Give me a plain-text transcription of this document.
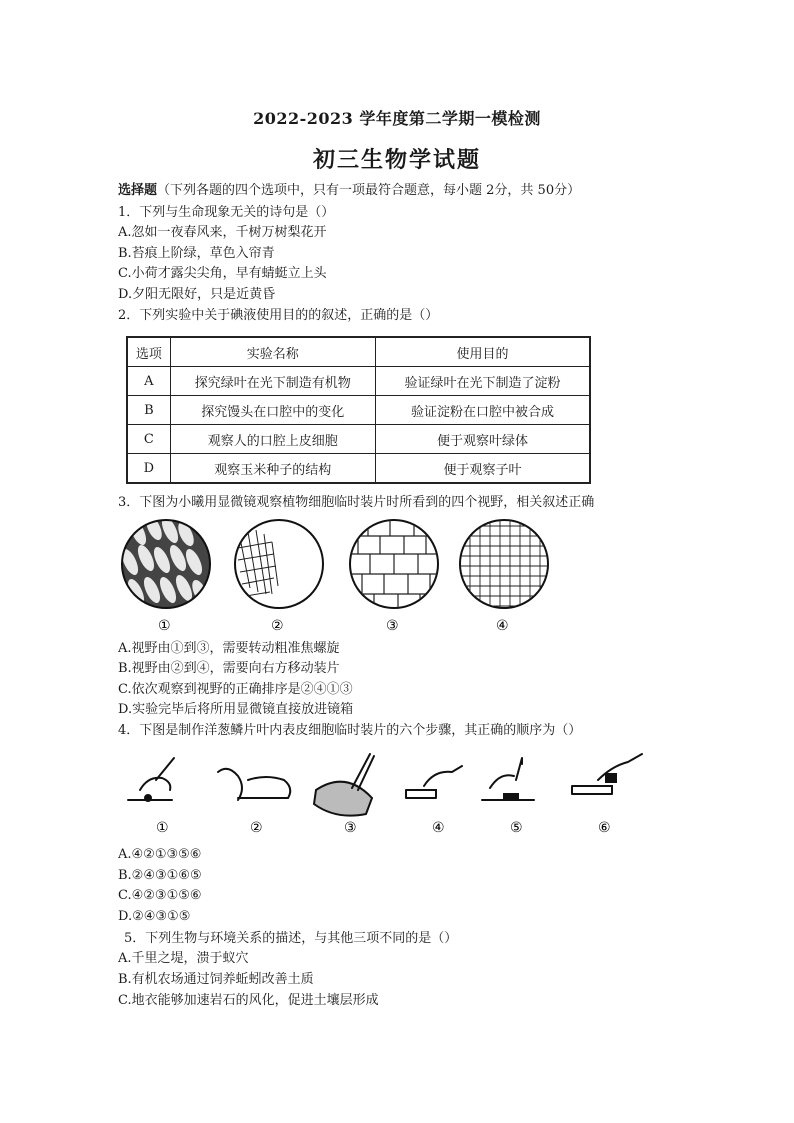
2022-2023 学年度第二学期一模检测
初三生物学试题
选择题（下列各题的四个选项中，只有一项最符合题意，每小题 2分，共 50分）
1．下列与生命现象无关的诗句是（）
A.忽如一夜春风来，千树万树梨花开
B.苔痕上阶绿，草色入帘青
C.小荷才露尖尖角，早有蜻蜓立上头
D.夕阳无限好，只是近黄昏
2．下列实验中关于碘液使用目的的叙述，正确的是（）
选项	实验名称	使用目的
A	探究绿叶在光下制造有机物	验证绿叶在光下制造了淀粉
B	探究馒头在口腔中的变化	验证淀粉在口腔中被合成
C	观察人的口腔上皮细胞	便于观察叶绿体
D	观察玉米种子的结构	便于观察子叶
3．下图为小曦用显微镜观察植物细胞临时装片时所看到的四个视野，相关叙述正确
①	②	③	④
A.视野由①到③，需要转动粗准焦螺旋
B.视野由②到④，需要向右方移动装片
C.依次观察到视野的正确排序是②④①③
D.实验完毕后将所用显微镜直接放进镜箱
4．下图是制作洋葱鳞片叶内表皮细胞临时装片的六个步骤，其正确的顺序为（）
①	②	③	④	⑤	⑥
A.④②①③⑤⑥
B.②④③①⑥⑤
C.④②③①⑤⑥
D.②④③①⑤
5．下列生物与环境关系的描述，与其他三项不同的是（）
A.千里之堤，溃于蚁穴
B.有机农场通过饲养蚯蚓改善土质
C.地衣能够加速岩石的风化，促进土壤层形成
